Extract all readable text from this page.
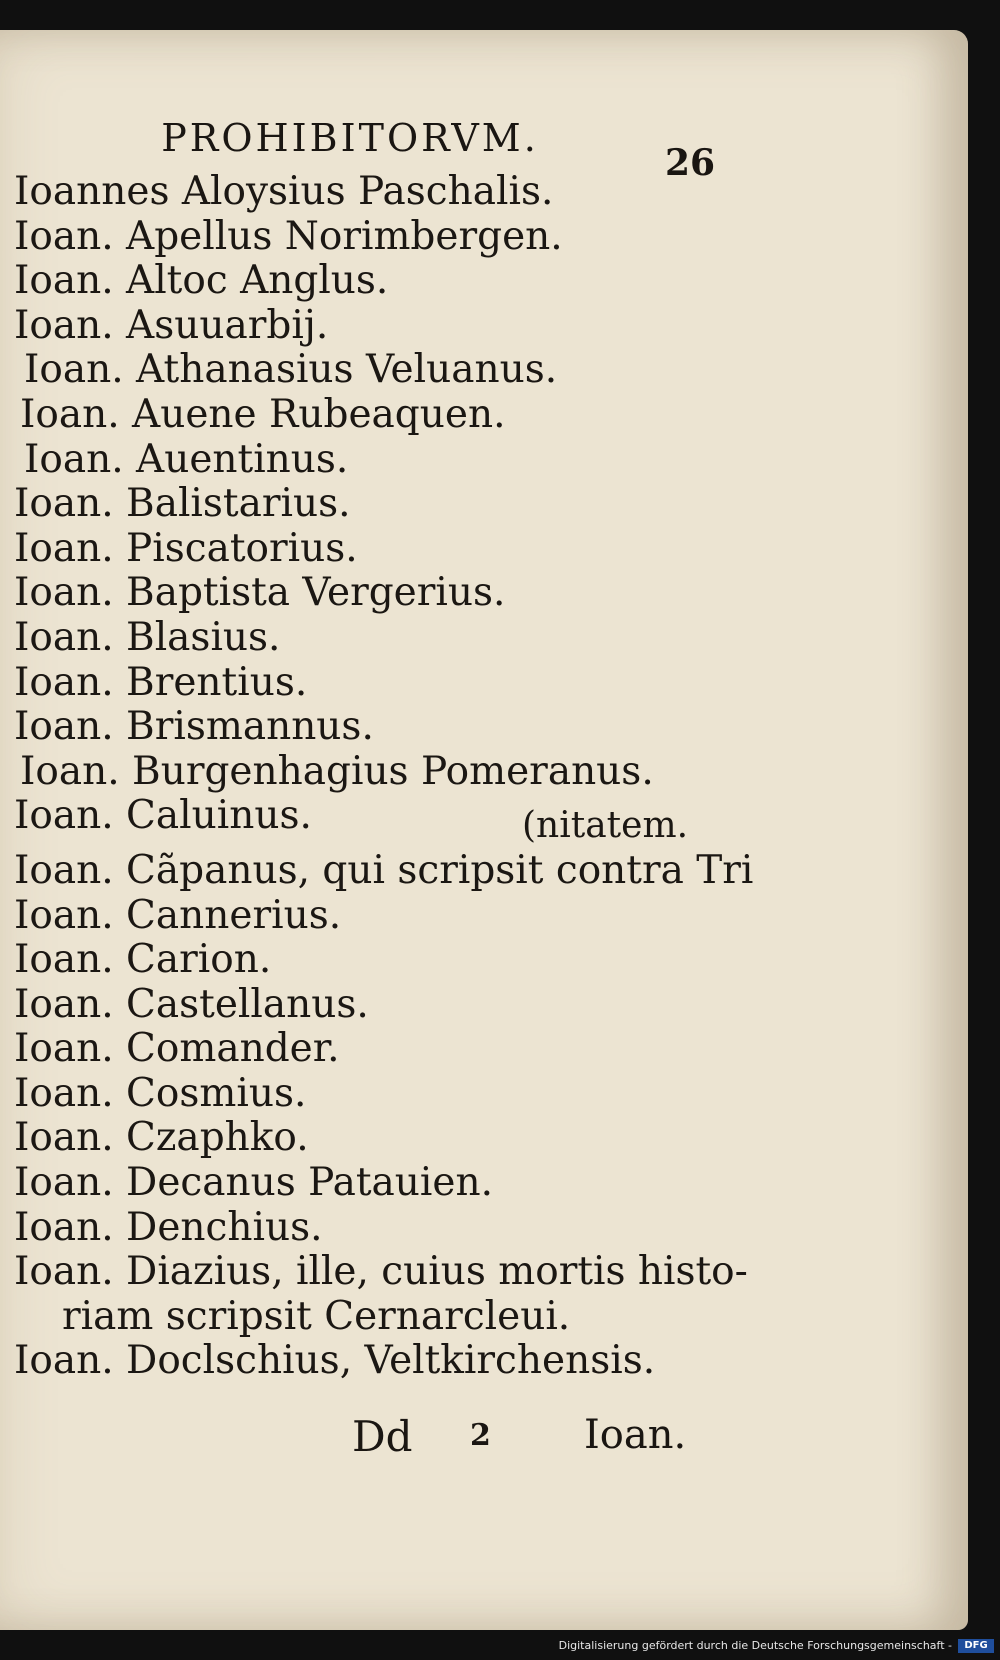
PROHIBITORVM.
26
Ioannes Aloysius Paschalis.
Ioan. Apellus Norimbergen.
Ioan. Altoc Anglus.
Ioan. Asuuarbij.
Ioan. Athanasius Veluanus.
Ioan. Auene Rubeaquen.
Ioan. Auentinus.
Ioan. Balistarius.
Ioan. Piscatorius.
Ioan. Baptista Vergerius.
Ioan. Blasius.
Ioan. Brentius.
Ioan. Brismannus.
Ioan. Burgenhagius Pomeranus.
Ioan. Caluinus.	(nitatem.
Ioan. Cãpanus, qui scripsit contra Tri
Ioan. Cannerius.
Ioan. Carion.
Ioan. Castellanus.
Ioan. Comander.
Ioan. Cosmius.
Ioan. Czaphko.
Ioan. Decanus Patauien.
Ioan. Denchius.
Ioan. Diazius, ille, cuius mortis histo-
riam scripsit Cernarcleui.
Ioan. Doclschius, Veltkirchensis.
Dd 2 Ioan.
Digitalisierung gefördert durch die Deutsche Forschungsgemeinschaft -	DFG
